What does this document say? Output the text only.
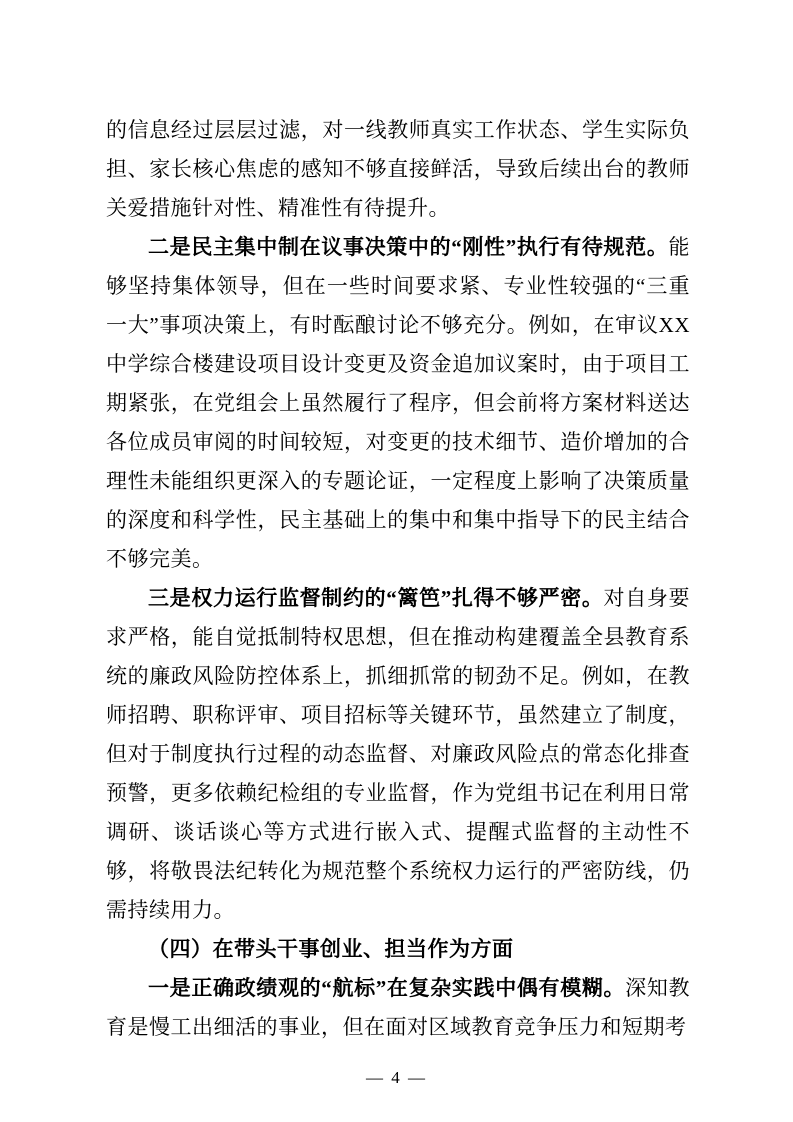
的信息经过层层过滤，对一线教师真实工作状态、学生实际负担、家长核心焦虑的感知不够直接鲜活，导致后续出台的教师关爱措施针对性、精准性有待提升。

二是民主集中制在议事决策中的“刚性”执行有待规范。能够坚持集体领导，但在一些时间要求紧、专业性较强的“三重一大”事项决策上，有时酝酿讨论不够充分。例如，在审议XX中学综合楼建设项目设计变更及资金追加议案时，由于项目工期紧张，在党组会上虽然履行了程序，但会前将方案材料送达各位成员审阅的时间较短，对变更的技术细节、造价增加的合理性未能组织更深入的专题论证，一定程度上影响了决策质量的深度和科学性，民主基础上的集中和集中指导下的民主结合不够完美。

三是权力运行监督制约的“篱笆”扎得不够严密。对自身要求严格，能自觉抵制特权思想，但在推动构建覆盖全县教育系统的廉政风险防控体系上，抓细抓常的韧劲不足。例如，在教师招聘、职称评审、项目招标等关键环节，虽然建立了制度，但对于制度执行过程的动态监督、对廉政风险点的常态化排查预警，更多依赖纪检组的专业监督，作为党组书记在利用日常调研、谈话谈心等方式进行嵌入式、提醒式监督的主动性不够，将敬畏法纪转化为规范整个系统权力运行的严密防线，仍需持续用力。

（四）在带头干事创业、担当作为方面

一是正确政绩观的“航标”在复杂实践中偶有模糊。深知教育是慢工出细活的事业，但在面对区域教育竞争压力和短期考

— 4 —
